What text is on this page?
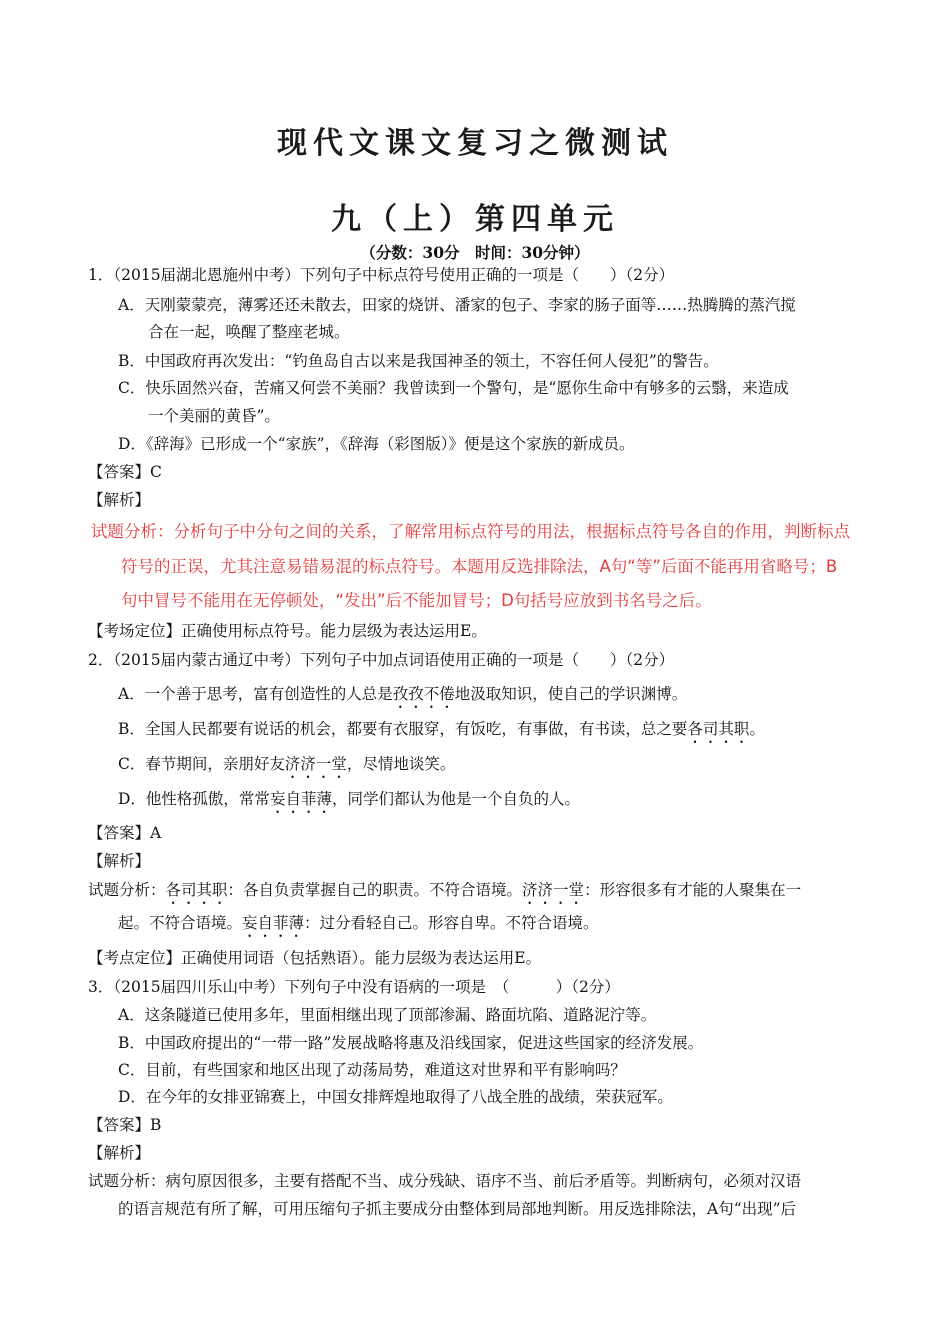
现代文课文复习之微测试
九（上）第四单元
（分数：30分　时间：30分钟）
1．（2015届湖北恩施州中考）下列句子中标点符号使用正确的一项是（　　）（2分）
A．天刚蒙蒙亮，薄雾还还未散去，田家的烧饼、潘家的包子、李家的肠子面等……热腾腾的蒸汽搅
合在一起，唤醒了整座老城。
B．中国政府再次发出：“钓鱼岛自古以来是我国神圣的领土，不容任何人侵犯”的警告。
C．快乐固然兴奋，苦痛又何尝不美丽？我曾读到一个警句，是“愿你生命中有够多的云翳，来造成
一个美丽的黄昏”。
D．《辞海》已形成一个“家族”，《辞海（彩图版）》便是这个家族的新成员。
【答案】C
【解析】
试题分析：分析句子中分句之间的关系，了解常用标点符号的用法，根据标点符号各自的作用，判断标点
符号的正误，尤其注意易错易混的标点符号。本题用反选排除法，A句“等”后面不能再用省略号；B
句中冒号不能用在无停顿处，“发出”后不能加冒号；D句括号应放到书名号之后。
【考场定位】正确使用标点符号。能力层级为表达运用E。
2．（2015届内蒙古通辽中考）下列句子中加点词语使用正确的一项是（　　）（2分）
A．一个善于思考，富有创造性的人总是孜孜不倦地汲取知识，使自己的学识渊博。
B．全国人民都要有说话的机会，都要有衣服穿，有饭吃，有事做，有书读，总之要各司其职。
C．春节期间，亲朋好友济济一堂，尽情地谈笑。
D．他性格孤傲，常常妄自菲薄，同学们都认为他是一个自负的人。
【答案】A
【解析】
试题分析：各司其职：各自负责掌握自己的职责。不符合语境。济济一堂：形容很多有才能的人聚集在一
起。不符合语境。妄自菲薄：过分看轻自己。形容自卑。不符合语境。
【考点定位】正确使用词语（包括熟语）。能力层级为表达运用E。
3．（2015届四川乐山中考）下列句子中没有语病的一项是　（　　　）（2分）
A．这条隧道已使用多年，里面相继出现了顶部渗漏、路面坑陷、道路泥泞等。
B．中国政府提出的“一带一路”发展战略将惠及沿线国家，促进这些国家的经济发展。
C．目前，有些国家和地区出现了动荡局势，难道这对世界和平有影响吗？
D．在今年的女排亚锦赛上，中国女排辉煌地取得了八战全胜的战绩，荣获冠军。
【答案】B
【解析】
试题分析：病句原因很多，主要有搭配不当、成分残缺、语序不当、前后矛盾等。判断病句，必须对汉语
的语言规范有所了解，可用压缩句子抓主要成分由整体到局部地判断。用反选排除法，A句“出现”后
